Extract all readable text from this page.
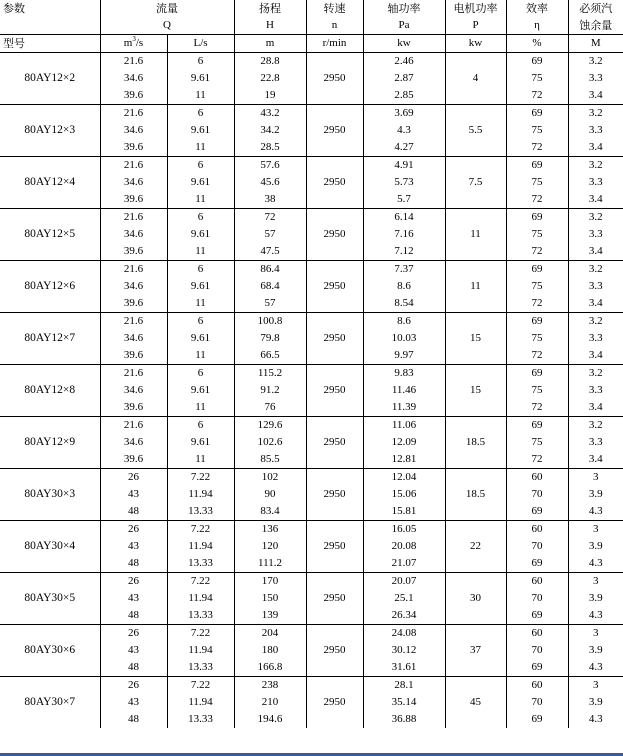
参数	流量		扬程	转速	轴功率	电机功率	效率	必须汽
	Q		H	n	Pa	P	η	蚀余量
型号	$m^3/s$	L/s	m	r/min	kw	kw	%	M
80AY12×2	21.6	6	28.8	2950	2.46	4	69	3.2
	34.6	9.61	22.8		2.87		75	3.3
	39.6	11	19		2.85		72	3.4
80AY12×3	21.6	6	43.2	2950	3.69	5.5	69	3.2
	34.6	9.61	34.2		4.3		75	3.3
	39.6	11	28.5		4.27		72	3.4
80AY12×4	21.6	6	57.6	2950	4.91	7.5	69	3.2
	34.6	9.61	45.6		5.73		75	3.3
	39.6	11	38		5.7		72	3.4
80AY12×5	21.6	6	72	2950	6.14	11	69	3.2
	34.6	9.61	57		7.16		75	3.3
	39.6	11	47.5		7.12		72	3.4
80AY12×6	21.6	6	86.4	2950	7.37	11	69	3.2
	34.6	9.61	68.4		8.6		75	3.3
	39.6	11	57		8.54		72	3.4
80AY12×7	21.6	6	100.8	2950	8.6	15	69	3.2
	34.6	9.61	79.8		10.03		75	3.3
	39.6	11	66.5		9.97		72	3.4
80AY12×8	21.6	6	115.2	2950	9.83	15	69	3.2
	34.6	9.61	91.2		11.46		75	3.3
	39.6	11	76		11.39		72	3.4
80AY12×9	21.6	6	129.6	2950	11.06	18.5	69	3.2
	34.6	9.61	102.6		12.09		75	3.3
	39.6	11	85.5		12.81		72	3.4
80AY30×3	26	7.22	102	2950	12.04	18.5	60	3
	43	11.94	90		15.06		70	3.9
	48	13.33	83.4		15.81		69	4.3
80AY30×4	26	7.22	136	2950	16.05	22	60	3
	43	11.94	120		20.08		70	3.9
	48	13.33	111.2		21.07		69	4.3
80AY30×5	26	7.22	170	2950	20.07	30	60	3
	43	11.94	150		25.1		70	3.9
	48	13.33	139		26.34		69	4.3
80AY30×6	26	7.22	204	2950	24.08	37	60	3
	43	11.94	180		30.12		70	3.9
	48	13.33	166.8		31.61		69	4.3
80AY30×7	26	7.22	238	2950	28.1	45	60	3
	43	11.94	210		35.14		70	3.9
	48	13.33	194.6		36.88		69	4.3
